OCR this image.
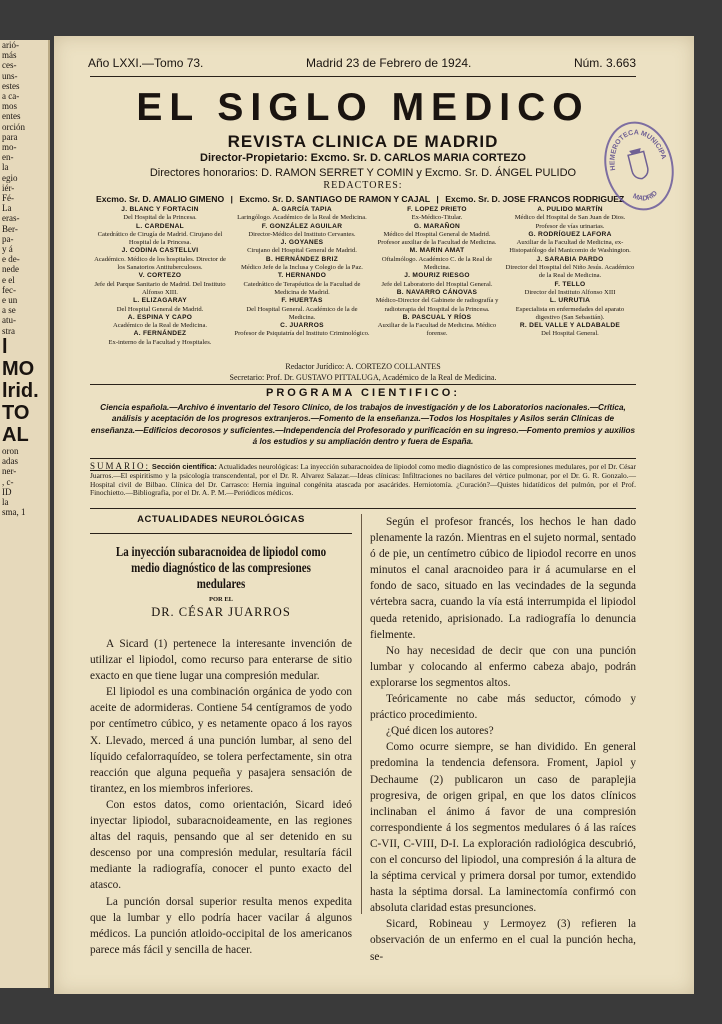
arió-
más
ces-
uns-
estes
a ca-
mos
entes
orción
para
mo-
en-
la
egio
iér-
Fé-
La
eras-
Ber-
pa-
y á
e de-
nede
e el
fec-
e un
a se
atu-
stra
l
MO
lrid.
TO
AL
oron
adas
ner-
, c-
ID
la
sma, 1
Año LXXI.—Tomo 73.	Madrid 23 de Febrero de 1924.	Núm. 3.663
EL SIGLO MEDICO
REVISTA CLINICA DE MADRID
Director-Propietario: Excmo. Sr. D. CARLOS MARIA CORTEZO
Directores honorarios: D. RAMON SERRET Y COMIN y Excmo. Sr. D. ÁNGEL PULIDO
REDACTORES:
Excmo. Sr. D. AMALIO GIMENO | Excmo. Sr. D. SANTIAGO DE RAMON Y CAJAL | Excmo. Sr. D. JOSE FRANCOS RODRIGUEZ
J. BLANC Y FORTACIN
Del Hospital de la Princesa.
L. CARDENAL
Catedrático de Cirugía de Madrid. Cirujano del Hospital de la Princesa.
J. CODINA CASTELLVI
Académico. Médico de los hospitales. Director de los Sanatorios Antituberculosos.
V. CORTEZO
Jefe del Parque Sanitario de Madrid. Del Instituto Alfonso XIII.
L. ELIZAGARAY
Del Hospital General de Madrid.
A. ESPINA Y CAPO
Académico de la Real de Medicina.
A. FERNÁNDEZ
Ex-interno de la Facultad y Hospitales.
A. GARCÍA TAPIA
Laringólogo. Académico de la Real de Medicina.
F. GONZÁLEZ AGUILAR
Director-Médico del Instituto Cervantes.
J. GOYANES
Cirujano del Hospital General de Madrid.
B. HERNÁNDEZ BRIZ
Médico Jefe de la Inclusa y Colegio de la Paz.
T. HERNANDO
Catedrático de Terapéutica de la Facultad de Medicina de Madrid.
F. HUERTAS
Del Hospital General. Académico de la de Medicina.
C. JUARROS
Profesor de Psiquiatría del Instituto Criminológico.
F. LOPEZ PRIETO
Ex-Médico-Titular.
G. MARAÑON
Médico del Hospital General de Madrid. Profesor auxiliar de la Facultad de Medicina.
M. MARIN AMAT
Oftalmólogo. Académico C. de la Real de Medicina.
J. MOURIZ RIESGO
Jefe del Laboratorio del Hospital General.
B. NAVARRO CÁNOVAS
Médico-Director del Gabinete de radiografía y radioterapia del Hospital de la Princesa.
B. PASCUAL Y RÍOS
Auxiliar de la Facultad de Medicina. Médico forense.
A. PULIDO MARTÍN
Médico del Hospital de San Juan de Dios. Profesor de vías urinarias.
G. RODRÍGUEZ LAFORA
Auxiliar de la Facultad de Medicina, ex-Histopatólogo del Manicomio de Washington.
J. SARABIA PARDO
Director del Hospital del Niño Jesús. Académico de la Real de Medicina.
F. TELLO
Director del Instituto Alfonso XIII
L. URRUTIA
Especialista en enfermedades del aparato digestivo (San Sebastián).
R. DEL VALLE Y ALDABALDE
Del Hospital General.
Redactor Jurídico: A. CORTEZO COLLANTES
Secretario: Prof. Dr. GUSTAVO PITTALUGA, Académico de la Real de Medicina.
PROGRAMA CIENTIFICO:
Ciencia española.—Archivo é inventario del Tesoro Clínico, de los trabajos de investigación y de los Laboratorios nacionales.—Crítica, análisis y aceptación de los progresos extranjeros.—Fomento de la enseñanza.—Todos los Hospitales y Asilos serán Clínicas de enseñanza.—Edificios decorosos y suficientes.—Independencia del Profesorado y purificación en su ingreso.—Fomento premios y auxilios á los estudios y su ampliación dentro y fuera de España.
SUMARIO: Sección científica: Actualidades neurológicas: La inyección subaracnoidea de lipiodol como medio diagnóstico de las compresiones medulares, por el Dr. César Juarros.—El espiritismo y la psicología transcendental, por el Dr. R. Alvarez Salazar.—Ideas clínicas: Infiltraciones no bacilares del vértice pulmonar, por el Dr. G. R. Gonzalo.—Hospital civil de Bilbao. Clínica del Dr. Carrasco: Hernia inguinal congénita atascada por asacárides. Herniotomía. ¿Curación?—Quistes hidatídicos del pulmón, por el Prof. Finochietto.—Bibliografía, por el Dr. A. P. M.—Periódicos médicos.
ACTUALIDADES NEUROLÓGICAS
La inyección subaracnoidea de lipiodol como medio diagnóstico de las compresiones medulares
POR EL
DR. CÉSAR JUARROS

A Sicard (1) pertenece la interesante invención de utilizar el lipiodol, como recurso para enterarse de sitio exacto en que tiene lugar una compresión medular.

El lipiodol es una combinación orgánica de yodo con aceite de adormideras. Contiene 54 centígramos de yodo por centímetro cúbico, y es netamente opaco á los rayos X. Llevado, merced á una punción lumbar, al seno del líquido cefalorraquídeo, se tolera perfectamente, sin otra reacción que alguna pequeña y pasajera sensación de tirantez, en los miembros inferiores.

Con estos datos, como orientación, Sicard ideó inyectar lipiodol, subaracnoideamente, en las regiones altas del raquis, pensando que al ser detenido en su descenso por una compresión medular, resultaría fácil mediante la radiografía, conocer el punto exacto del atasco.

La punción dorsal superior resulta menos expedita que la lumbar y ello podría hacer vacilar á algunos médicos. La punción atloido-occipital de los americanos parece más fácil y sencilla de hacer.

Según el profesor francés, los hechos le han dado plenamente la razón. Mientras en el sujeto normal, sentado ó de pie, un centímetro cúbico de lipiodol recorre en unos minutos el canal aracnoideo para ir á acumularse en el fondo de saco, situado en las vecindades de la segunda vértebra sacra, cuando la vía está interrumpida el lipiodol queda retenido, aprisionado. La radiografía lo denuncia fielmente.

No hay necesidad de decir que con una punción lumbar y colocando al enfermo cabeza abajo, podrán explorarse los segmentos altos.

Teóricamente no cabe más seductor, cómodo y práctico procedimiento.

¿Qué dicen los autores?

Como ocurre siempre, se han dividido. En general predomina la tendencia defensora. Froment, Japiol y Dechaume (2) publicaron un caso de paraplejia progresiva, de origen gripal, en que los datos clínicos inclinaban el ánimo á favor de una compresión correspondiente á los segmentos medulares ó á las raíces C-VII, C-VIII, D-I. La exploración radiológica descubrió, con el concurso del lipiodol, una compresión á la altura de la séptima cervical y primera dorsal por tumor, extendido hasta la séptima dorsal. La laminectomía confirmó con absoluta claridad estas presunciones.

Sicard, Robineau y Lermoyez (3) refieren la observación de un enfermo en el cual la punción hecha, se-

HEMEROTECA MUNICIPAL
MADRID
